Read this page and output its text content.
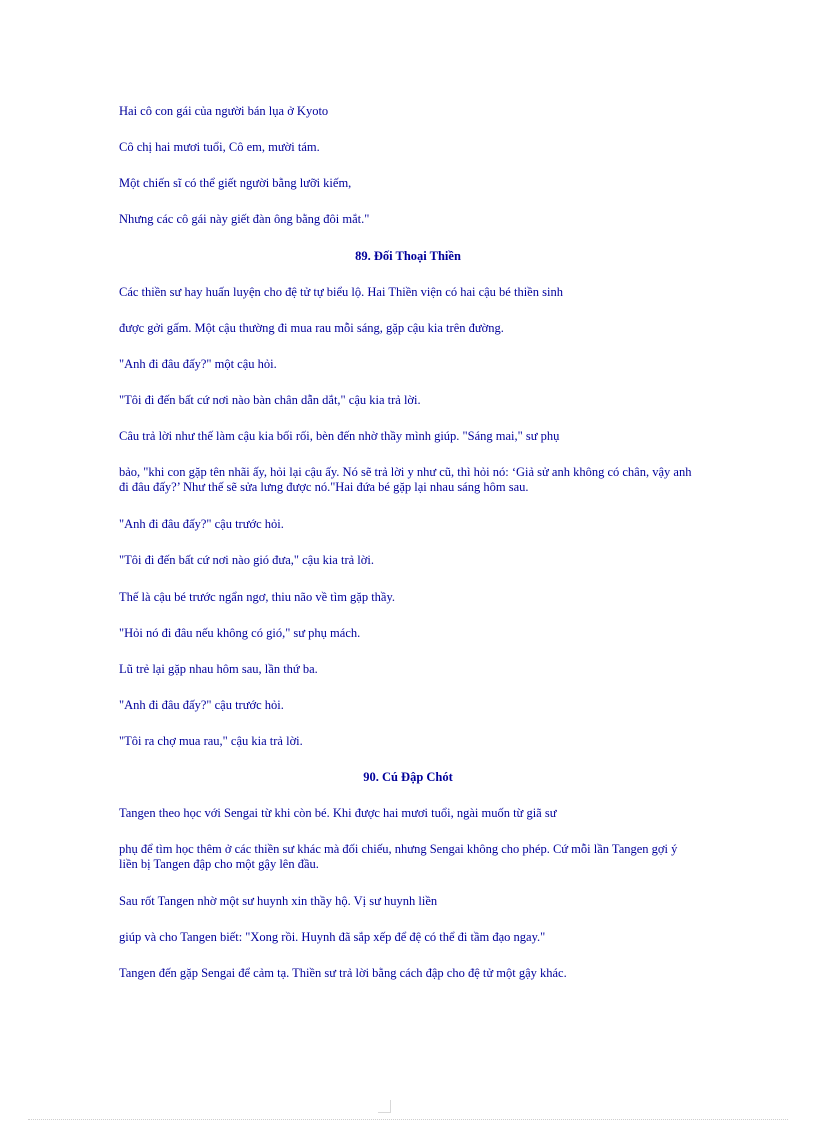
Hai cô con gái của người bán lụa ở Kyoto
Cô chị hai mươi tuổi, Cô em, mười tám.
Một chiến sĩ có thể giết người bằng lưỡi kiếm,
Nhưng các cô gái này giết đàn ông bằng đôi mắt."
89. Đối Thoại Thiền
Các thiền sư hay huấn luyện cho đệ tử tự biểu lộ. Hai Thiền viện có hai cậu bé thiền sinh
được gởi gấm. Một cậu thường đi mua rau mỗi sáng, gặp cậu kia trên đường.
"Anh đi đâu đấy?" một cậu hỏi.
"Tôi đi đến bất cứ nơi nào bàn chân dẫn dắt," cậu kia trả lời.
Câu trả lời như thế làm cậu kia bối rối, bèn đến nhờ thầy mình giúp. "Sáng mai," sư phụ
bảo, "khi con gặp tên nhãi ấy, hỏi lại cậu ấy. Nó sẽ trả lời y như cũ, thì hỏi nó: ‘Giả sử anh không có chân, vậy anh đi đâu đấy?’ Như thế sẽ sửa lưng được nó."Hai đứa bé gặp lại nhau sáng hôm sau.
"Anh đi đâu đấy?" cậu trước hỏi.
"Tôi đi đến bất cứ nơi nào gió đưa," cậu kia trả lời.
Thế là cậu bé trước ngẩn ngơ, thiu não về tìm gặp thầy.
"Hỏi nó đi đâu nếu không có gió," sư phụ mách.
Lũ trẻ lại gặp nhau hôm sau, lần thứ ba.
"Anh đi đâu đấy?" cậu trước hỏi.
"Tôi ra chợ mua rau," cậu kia trả lời.
90. Cú Đập Chót
Tangen theo học với Sengai từ khi còn bé. Khi được hai mươi tuổi, ngài muốn từ giã sư
phụ để tìm học thêm ở các thiền sư khác mà đối chiếu, nhưng Sengai không cho phép. Cứ mỗi lần Tangen gợi ý liền bị Tangen đập cho một gậy lên đầu.
Sau rốt Tangen nhờ một sư huynh xin thầy hộ. Vị sư huynh liền
giúp và cho Tangen biết: "Xong rồi. Huynh đã sắp xếp để đệ có thể đi tầm đạo ngay."
Tangen đến gặp Sengai để cảm tạ. Thiền sư trả lời bằng cách đập cho đệ tử một gậy khác.
